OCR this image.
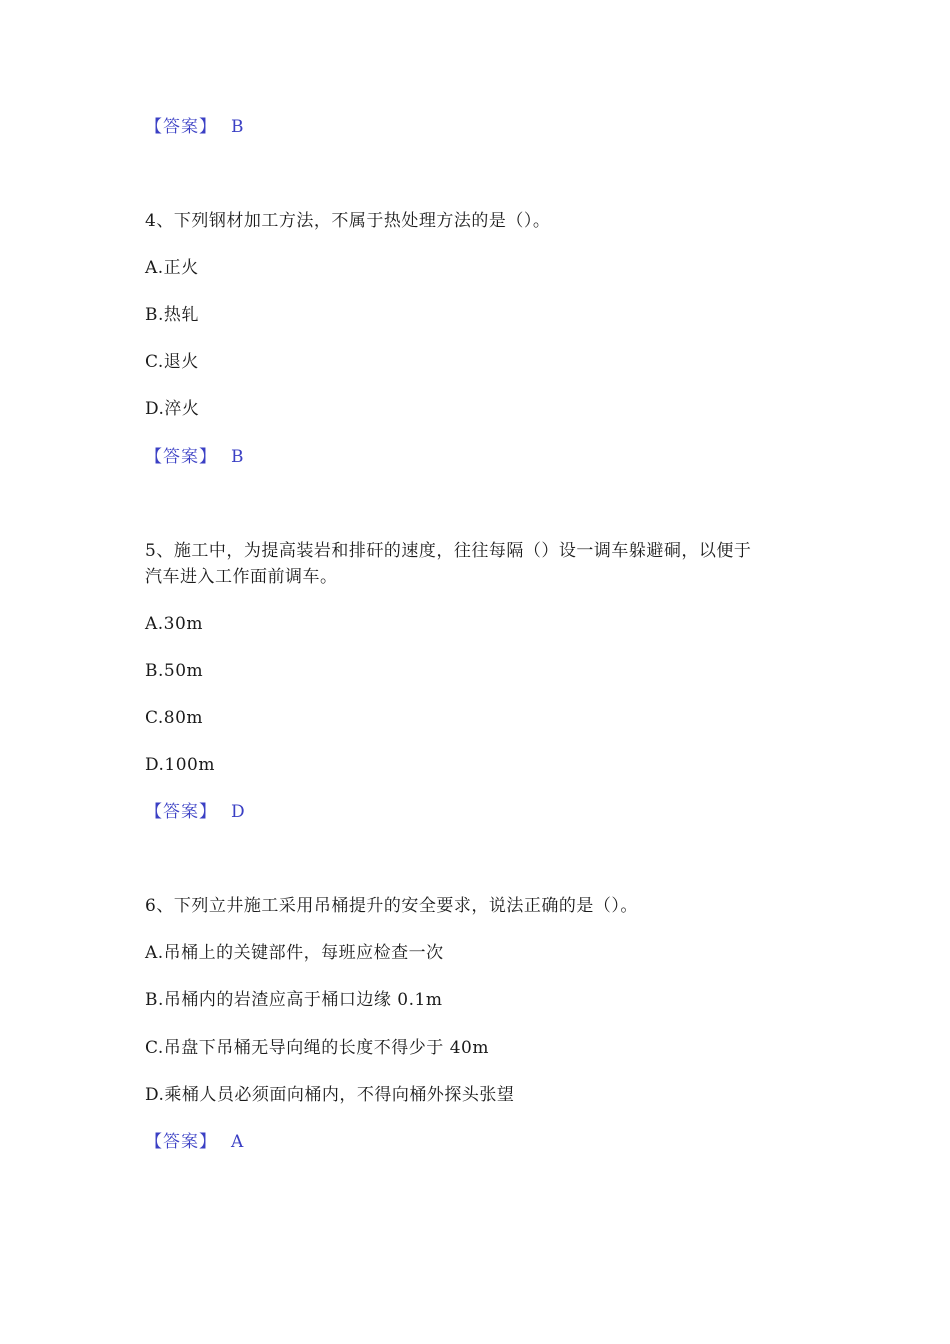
【答案】 B
4、下列钢材加工方法，不属于热处理方法的是（）。
A.正火
B.热轧
C.退火
D.淬火
【答案】 B
5、施工中，为提高装岩和排矸的速度，往往每隔（）设一调车躲避硐，以便于
汽车进入工作面前调车。
A.30m
B.50m
C.80m
D.100m
【答案】 D
6、下列立井施工采用吊桶提升的安全要求，说法正确的是（）。
A.吊桶上的关键部件，每班应检查一次
B.吊桶内的岩渣应高于桶口边缘 0.1m
C.吊盘下吊桶无导向绳的长度不得少于 40m
D.乘桶人员必须面向桶内，不得向桶外探头张望
【答案】 A
